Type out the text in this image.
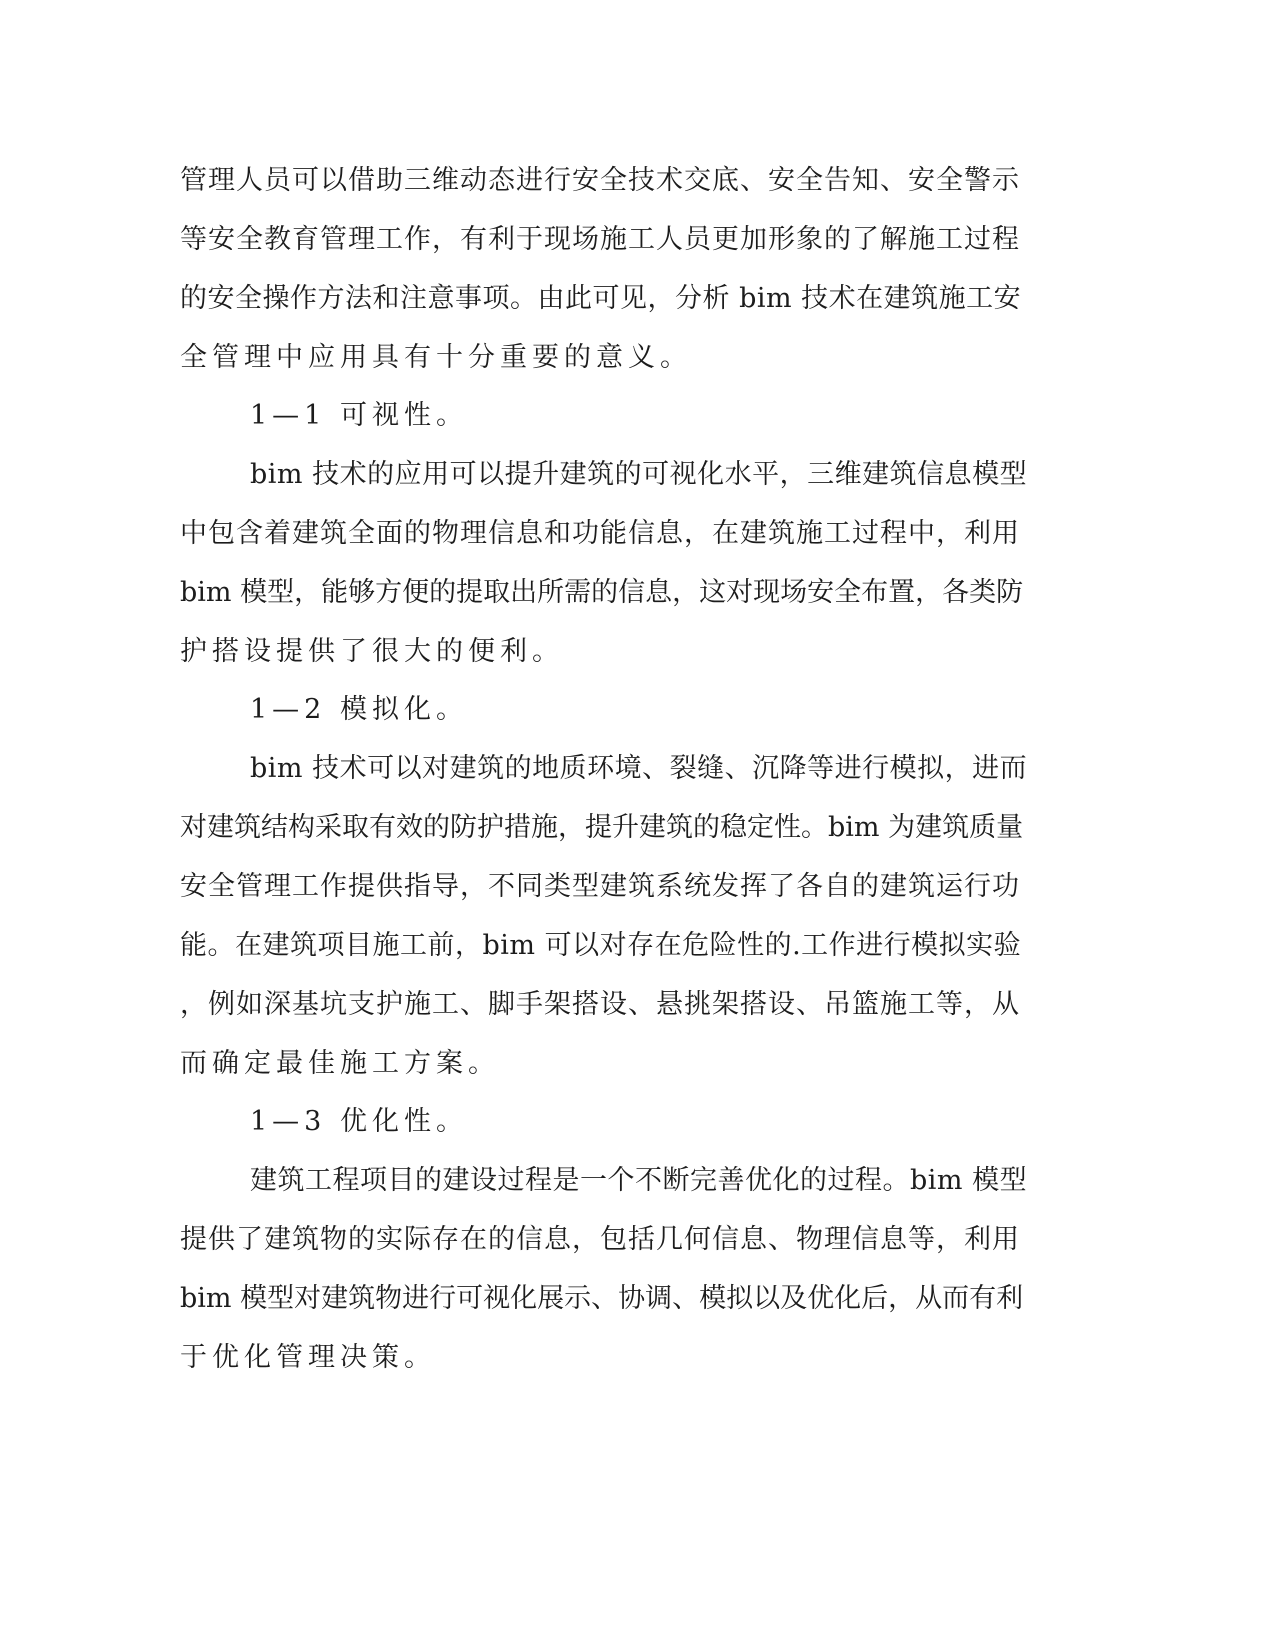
管理人员可以借助三维动态进行安全技术交底、安全告知、安全警示
等安全教育管理工作，有利于现场施工人员更加形象的了解施工过程
的安全操作方法和注意事项。由此可见，分析 bim 技术在建筑施工安
全管理中应用具有十分重要的意义。
1—1 可视性。
bim 技术的应用可以提升建筑的可视化水平，三维建筑信息模型
中包含着建筑全面的物理信息和功能信息，在建筑施工过程中，利用
bim 模型，能够方便的提取出所需的信息，这对现场安全布置，各类防
护搭设提供了很大的便利。
1—2 模拟化。
bim 技术可以对建筑的地质环境、裂缝、沉降等进行模拟，进而
对建筑结构采取有效的防护措施，提升建筑的稳定性。bim 为建筑质量
安全管理工作提供指导，不同类型建筑系统发挥了各自的建筑运行功
能。在建筑项目施工前，bim 可以对存在危险性的.工作进行模拟实验
，例如深基坑支护施工、脚手架搭设、悬挑架搭设、吊篮施工等，从
而确定最佳施工方案。
1—3 优化性。
建筑工程项目的建设过程是一个不断完善优化的过程。bim 模型
提供了建筑物的实际存在的信息，包括几何信息、物理信息等，利用
bim 模型对建筑物进行可视化展示、协调、模拟以及优化后，从而有利
于优化管理决策。
